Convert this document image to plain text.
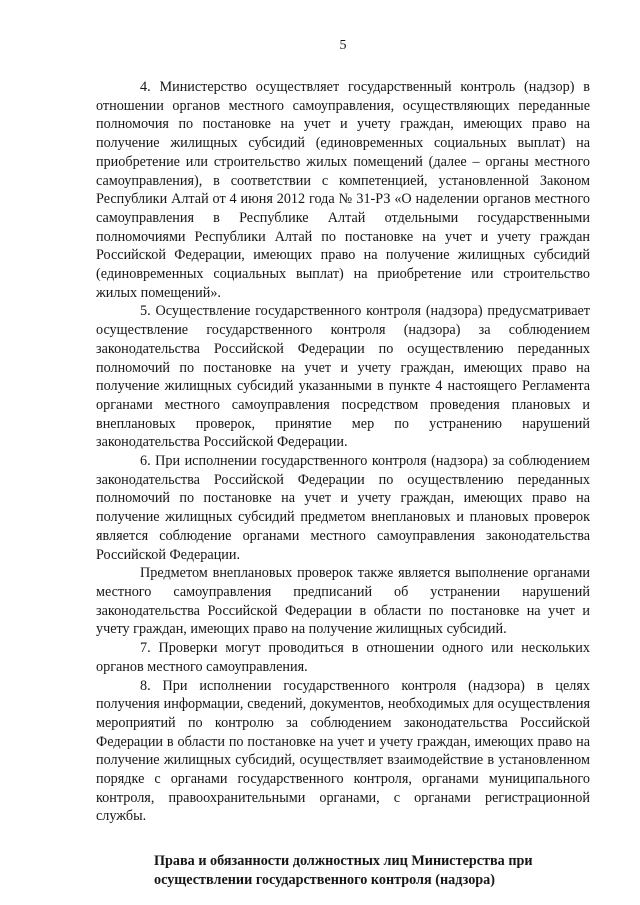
5

4. Министерство осуществляет государственный контроль (надзор) в отношении органов местного самоуправления, осуществляющих переданные полномочия по постановке на учет и учету граждан, имеющих право на получение жилищных субсидий (единовременных социальных выплат) на приобретение или строительство жилых помещений (далее – органы местного самоуправления), в соответствии с компетенцией, установленной Законом Республики Алтай от 4 июня 2012 года № 31-РЗ «О наделении органов местного самоуправления в Республике Алтай отдельными государственными полномочиями Республики Алтай по постановке на учет и учету граждан Российской Федерации, имеющих право на получение жилищных субсидий (единовременных социальных выплат) на приобретение или строительство жилых помещений».

5. Осуществление государственного контроля (надзора) предусматривает осуществление государственного контроля (надзора) за соблюдением законодательства Российской Федерации по осуществлению переданных полномочий по постановке на учет и учету граждан, имеющих право на получение жилищных субсидий указанными в пункте 4 настоящего Регламента органами местного самоуправления посредством проведения плановых и внеплановых проверок, принятие мер по устранению нарушений законодательства Российской Федерации.

6. При исполнении государственного контроля (надзора) за соблюдением законодательства Российской Федерации по осуществлению переданных полномочий по постановке на учет и учету граждан, имеющих право на получение жилищных субсидий предметом внеплановых и плановых проверок является соблюдение органами местного самоуправления законодательства Российской Федерации.

Предметом внеплановых проверок также является выполнение органами местного самоуправления предписаний об устранении нарушений законодательства Российской Федерации в области по постановке на учет и учету граждан, имеющих право на получение жилищных субсидий.

7. Проверки могут проводиться в отношении одного или нескольких органов местного самоуправления.

8. При исполнении государственного контроля (надзора) в целях получения информации, сведений, документов, необходимых для осуществления мероприятий по контролю за соблюдением законодательства Российской Федерации в области по постановке на учет и учету граждан, имеющих право на получение жилищных субсидий, осуществляет взаимодействие в установленном порядке с органами государственного контроля, органами муниципального контроля, правоохранительными органами, с органами регистрационной службы.

Права и обязанности должностных лиц Министерства при
осуществлении государственного контроля (надзора)
